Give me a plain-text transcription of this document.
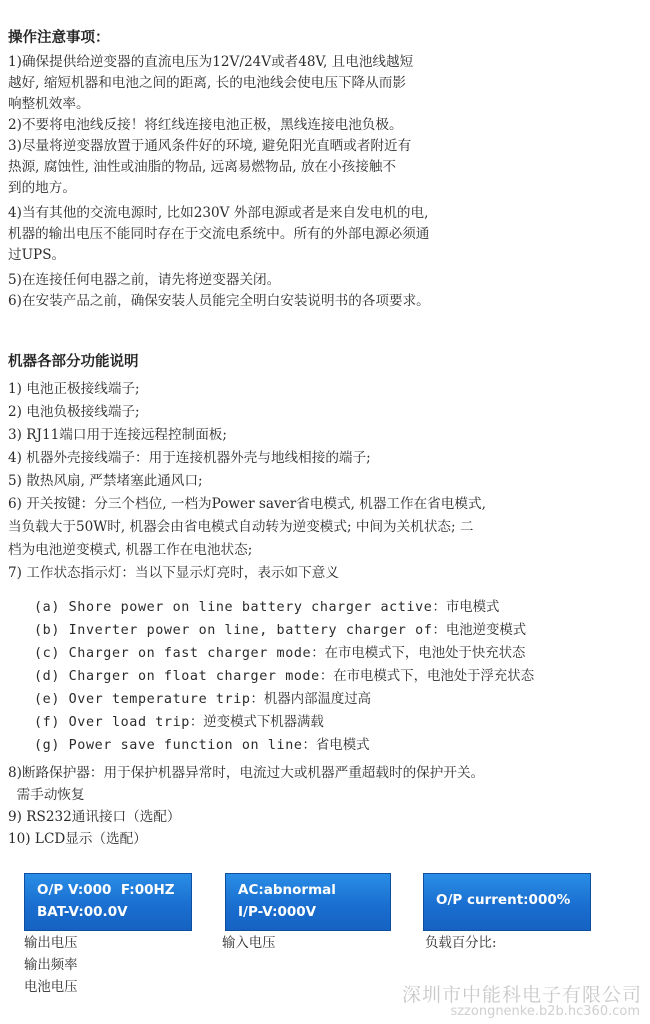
操作注意事项：
1)确保提供给逆变器的直流电压为12V/24V或者48V, 且电池线越短
越好, 缩短机器和电池之间的距离, 长的电池线会使电压下降从而影
响整机效率。
2)不要将电池线反接！将红线连接电池正极，黑线连接电池负极。
3)尽量将逆变器放置于通风条件好的环境, 避免阳光直晒或者附近有
热源, 腐蚀性, 油性或油脂的物品, 远离易燃物品, 放在小孩接触不
到的地方。
4)当有其他的交流电源时, 比如230V 外部电源或者是来自发电机的电,
机器的输出电压不能同时存在于交流电系统中。所有的外部电源必须通
过UPS。
5)在连接任何电器之前，请先将逆变器关闭。
6)在安装产品之前，确保安装人员能完全明白安装说明书的各项要求。
机器各部分功能说明
1) 电池正极接线端子;
2) 电池负极接线端子;
3) RJ11端口用于连接远程控制面板;
4) 机器外壳接线端子：用于连接机器外壳与地线相接的端子;
5) 散热风扇, 严禁堵塞此通风口;
6) 开关按键：分三个档位, 一档为Power saver省电模式, 机器工作在省电模式,
当负载大于50W时, 机器会由省电模式自动转为逆变模式; 中间为关机状态; 二
档为电池逆变模式, 机器工作在电池状态;
7) 工作状态指示灯：当以下显示灯亮时，表示如下意义
(a) Shore power on line battery charger active：市电模式
(b) Inverter power on line, battery charger of：电池逆变模式
(c) Charger on fast charger mode：在市电模式下，电池处于快充状态
(d) Charger on float charger mode：在市电模式下，电池处于浮充状态
(e) Over temperature trip：机器内部温度过高
(f) Over load trip：逆变模式下机器满载
(g) Power save function on line：省电模式
8)断路保护器：用于保护机器异常时，电流过大或机器严重超载时的保护开关。
需手动恢复
9) RS232通讯接口（选配）
10) LCD显示（选配）
O/P V:000  F:00HZ
BAT-V:00.0V
AC:abnormal
I/P-V:000V
O/P current:000%
输出电压
输出频率
电池电压
输入电压	负载百分比:
深圳市中能科电子有限公司
szzongnenke.b2b.hc360.com
